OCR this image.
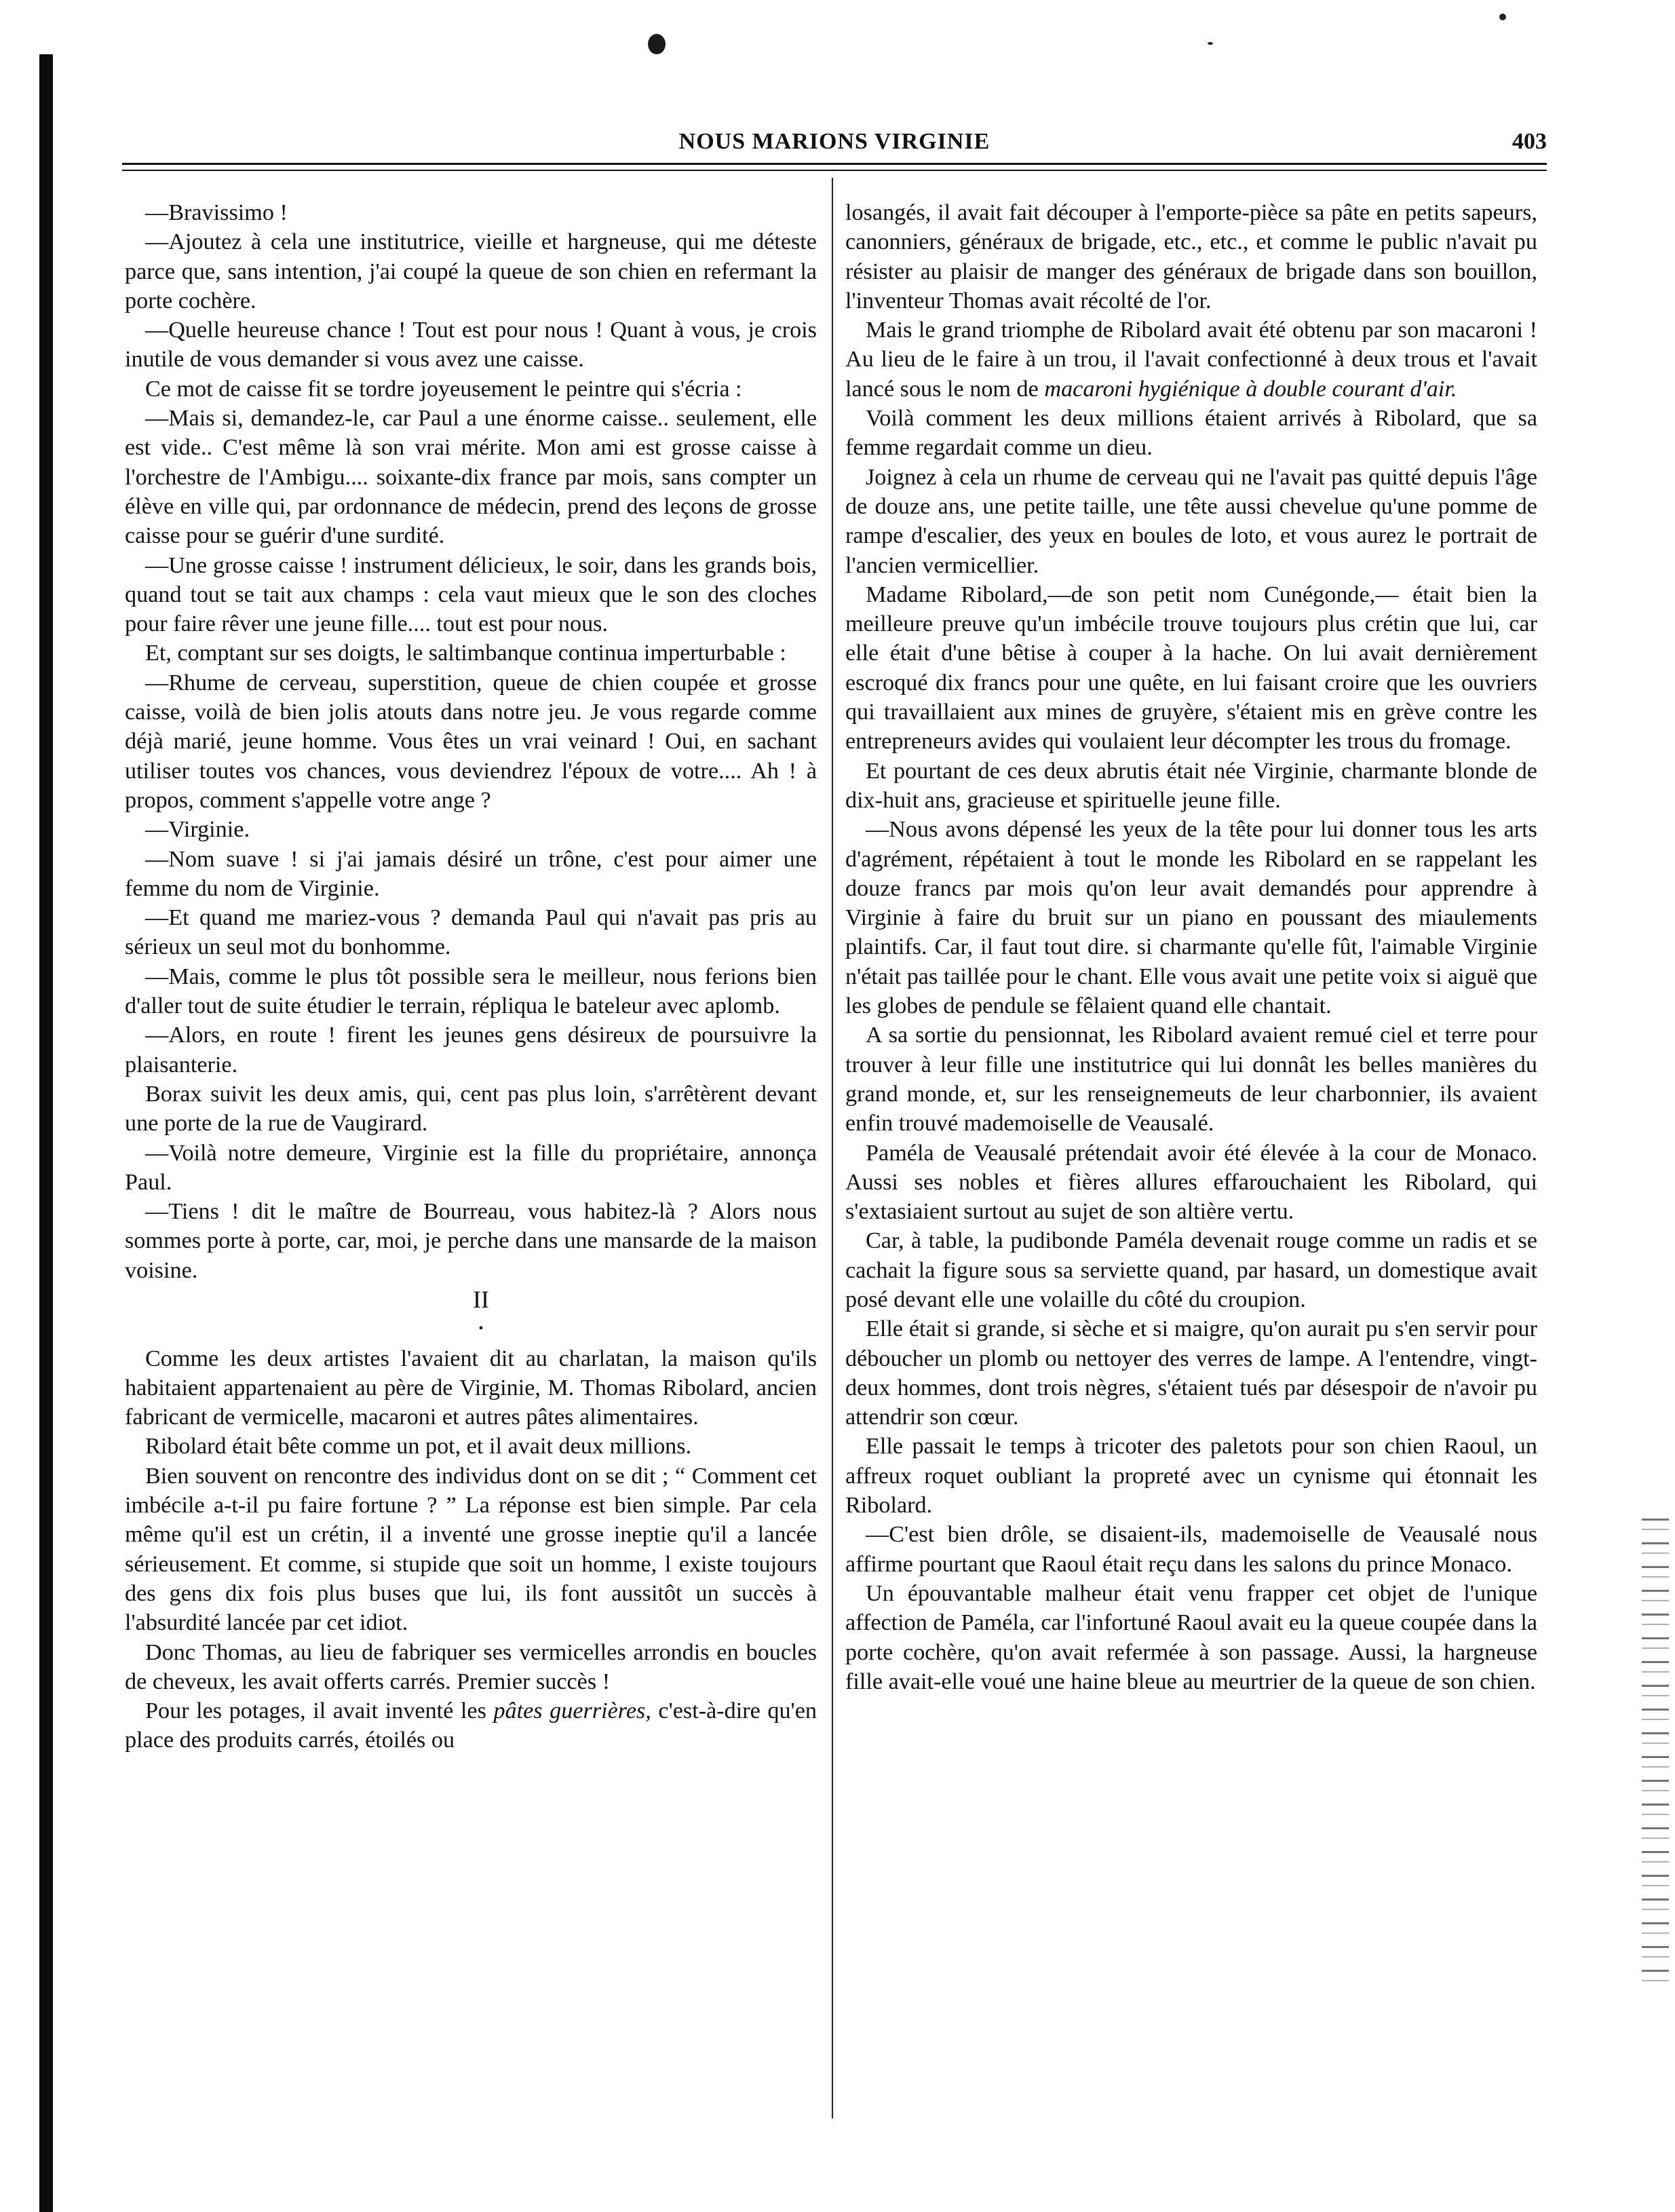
NOUS MARIONS VIRGINIE	403

—Bravissimo !

—Ajoutez à cela une institutrice, vieille et hargneuse, qui me déteste parce que, sans intention, j'ai coupé la queue de son chien en refermant la porte cochère.

—Quelle heureuse chance ! Tout est pour nous ! Quant à vous, je crois inutile de vous demander si vous avez une caisse.

Ce mot de caisse fit se tordre joyeusement le peintre qui s'écria :

—Mais si, demandez-le, car Paul a une énorme caisse.. seulement, elle est vide.. C'est même là son vrai mérite. Mon ami est grosse caisse à l'orchestre de l'Ambigu.... soixante-dix france par mois, sans compter un élève en ville qui, par ordonnance de médecin, prend des leçons de grosse caisse pour se guérir d'une surdité.

—Une grosse caisse ! instrument délicieux, le soir, dans les grands bois, quand tout se tait aux champs : cela vaut mieux que le son des cloches pour faire rêver une jeune fille.... tout est pour nous.

Et, comptant sur ses doigts, le saltimbanque continua imperturbable :

—Rhume de cerveau, superstition, queue de chien coupée et grosse caisse, voilà de bien jolis atouts dans notre jeu. Je vous regarde comme déjà marié, jeune homme. Vous êtes un vrai veinard ! Oui, en sachant utiliser toutes vos chances, vous deviendrez l'époux de votre.... Ah ! à propos, comment s'appelle votre ange ?

—Virginie.

—Nom suave ! si j'ai jamais désiré un trône, c'est pour aimer une femme du nom de Virginie.

—Et quand me mariez-vous ? demanda Paul qui n'avait pas pris au sérieux un seul mot du bonhomme.

—Mais, comme le plus tôt possible sera le meilleur, nous ferions bien d'aller tout de suite étudier le terrain, répliqua le bateleur avec aplomb.

—Alors, en route ! firent les jeunes gens désireux de poursuivre la plaisanterie.

Borax suivit les deux amis, qui, cent pas plus loin, s'arrêtèrent devant une porte de la rue de Vaugirard.

—Voilà notre demeure, Virginie est la fille du propriétaire, annonça Paul.

—Tiens ! dit le maître de Bourreau, vous habitez-là ? Alors nous sommes porte à porte, car, moi, je perche dans une mansarde de la maison voisine.

II

•

Comme les deux artistes l'avaient dit au charlatan, la maison qu'ils habitaient appartenaient au père de Virginie, M. Thomas Ribolard, ancien fabricant de vermicelle, macaroni et autres pâtes alimentaires.

Ribolard était bête comme un pot, et il avait deux millions.

Bien souvent on rencontre des individus dont on se dit ; “ Comment cet imbécile a-t-il pu faire fortune ? ” La réponse est bien simple. Par cela même qu'il est un crétin, il a inventé une grosse ineptie qu'il a lancée sérieusement. Et comme, si stupide que soit un homme, l existe toujours des gens dix fois plus buses que lui, ils font aussitôt un succès à l'absurdité lancée par cet idiot.

Donc Thomas, au lieu de fabriquer ses vermicelles arrondis en boucles de cheveux, les avait offerts carrés. Premier succès !

Pour les potages, il avait inventé les pâtes guerrières, c'est-à-dire qu'en place des produits carrés, étoilés ou

losangés, il avait fait découper à l'emporte-pièce sa pâte en petits sapeurs, canonniers, généraux de brigade, etc., etc., et comme le public n'avait pu résister au plaisir de manger des généraux de brigade dans son bouillon, l'inventeur Thomas avait récolté de l'or.

Mais le grand triomphe de Ribolard avait été obtenu par son macaroni ! Au lieu de le faire à un trou, il l'avait confectionné à deux trous et l'avait lancé sous le nom de macaroni hygiénique à double courant d'air.

Voilà comment les deux millions étaient arrivés à Ribolard, que sa femme regardait comme un dieu.

Joignez à cela un rhume de cerveau qui ne l'avait pas quitté depuis l'âge de douze ans, une petite taille, une tête aussi chevelue qu'une pomme de rampe d'escalier, des yeux en boules de loto, et vous aurez le portrait de l'ancien vermicellier.

Madame Ribolard,—de son petit nom Cunégonde,— était bien la meilleure preuve qu'un imbécile trouve toujours plus crétin que lui, car elle était d'une bêtise à couper à la hache. On lui avait dernièrement escroqué dix francs pour une quête, en lui faisant croire que les ouvriers qui travaillaient aux mines de gruyère, s'étaient mis en grève contre les entrepreneurs avides qui voulaient leur décompter les trous du fromage.

Et pourtant de ces deux abrutis était née Virginie, charmante blonde de dix-huit ans, gracieuse et spirituelle jeune fille.

—Nous avons dépensé les yeux de la tête pour lui donner tous les arts d'agrément, répétaient à tout le monde les Ribolard en se rappelant les douze francs par mois qu'on leur avait demandés pour apprendre à Virginie à faire du bruit sur un piano en poussant des miaulements plaintifs. Car, il faut tout dire. si charmante qu'elle fût, l'aimable Virginie n'était pas taillée pour le chant. Elle vous avait une petite voix si aiguë que les globes de pendule se fêlaient quand elle chantait.

A sa sortie du pensionnat, les Ribolard avaient remué ciel et terre pour trouver à leur fille une institutrice qui lui donnât les belles manières du grand monde, et, sur les renseignemeuts de leur charbonnier, ils avaient enfin trouvé mademoiselle de Veausalé.

Paméla de Veausalé prétendait avoir été élevée à la cour de Monaco. Aussi ses nobles et fières allures effarouchaient les Ribolard, qui s'extasiaient surtout au sujet de son altière vertu.

Car, à table, la pudibonde Paméla devenait rouge comme un radis et se cachait la figure sous sa serviette quand, par hasard, un domestique avait posé devant elle une volaille du côté du croupion.

Elle était si grande, si sèche et si maigre, qu'on aurait pu s'en servir pour déboucher un plomb ou nettoyer des verres de lampe. A l'entendre, vingt-deux hommes, dont trois nègres, s'étaient tués par désespoir de n'avoir pu attendrir son cœur.

Elle passait le temps à tricoter des paletots pour son chien Raoul, un affreux roquet oubliant la propreté avec un cynisme qui étonnait les Ribolard.

—C'est bien drôle, se disaient-ils, mademoiselle de Veausalé nous affirme pourtant que Raoul était reçu dans les salons du prince Monaco.

Un épouvantable malheur était venu frapper cet objet de l'unique affection de Paméla, car l'infortuné Raoul avait eu la queue coupée dans la porte cochère, qu'on avait refermée à son passage. Aussi, la hargneuse fille avait-elle voué une haine bleue au meurtrier de la queue de son chien.
